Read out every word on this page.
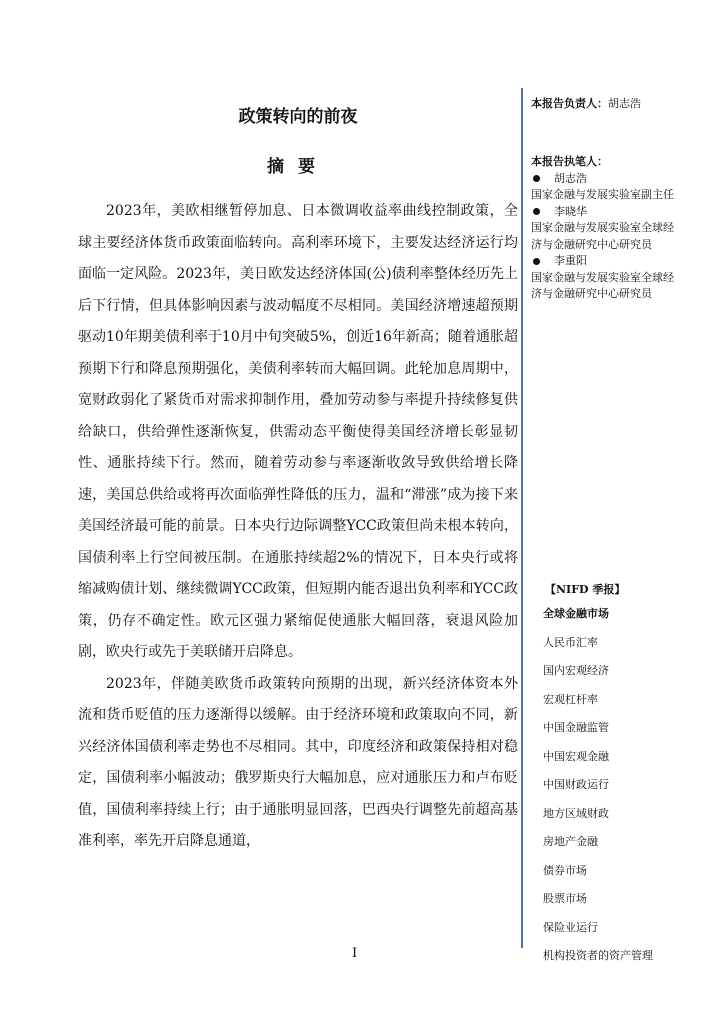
政策转向的前夜
摘要

2023年，美欧相继暂停加息、日本微调收益率曲线控制政策，全球主要经济体货币政策面临转向。高利率环境下，主要发达经济运行均面临一定风险。2023年，美日欧发达经济体国(公)债利率整体经历先上后下行情，但具体影响因素与波动幅度不尽相同。美国经济增速超预期驱动10年期美债利率于10月中旬突破5%，创近16年新高；随着通胀超预期下行和降息预期强化，美债利率转而大幅回调。此轮加息周期中，宽财政弱化了紧货币对需求抑制作用，叠加劳动参与率提升持续修复供给缺口，供给弹性逐渐恢复，供需动态平衡使得美国经济增长彰显韧性、通胀持续下行。然而，随着劳动参与率逐渐收敛导致供给增长降速，美国总供给或将再次面临弹性降低的压力，温和“滞涨”成为接下来美国经济最可能的前景。日本央行边际调整YCC政策但尚未根本转向，国债利率上行空间被压制。在通胀持续超2%的情况下，日本央行或将缩减购债计划、继续微调YCC政策，但短期内能否退出负利率和YCC政策，仍存不确定性。欧元区强力紧缩促使通胀大幅回落，衰退风险加剧，欧央行或先于美联储开启降息。

2023年，伴随美欧货币政策转向预期的出现，新兴经济体资本外流和货币贬值的压力逐渐得以缓解。由于经济环境和政策取向不同，新兴经济体国债利率走势也不尽相同。其中，印度经济和政策保持相对稳定，国债利率小幅波动；俄罗斯央行大幅加息，应对通胀压力和卢布贬值，国债利率持续上行；由于通胀明显回落，巴西央行调整先前超高基准利率，率先开启降息通道，

I
本报告负责人：胡志浩
本报告执笔人：
胡志浩
国家金融与发展实验室副主任
李晓华
国家金融与发展实验室全球经济与金融研究中心研究员
李重阳
国家金融与发展实验室全球经济与金融研究中心研究员
【NIFD 季报】
全球金融市场
人民币汇率
国内宏观经济
宏观杠杆率
中国金融监管
中国宏观金融
中国财政运行
地方区域财政
房地产金融
债券市场
股票市场
保险业运行
机构投资者的资产管理
